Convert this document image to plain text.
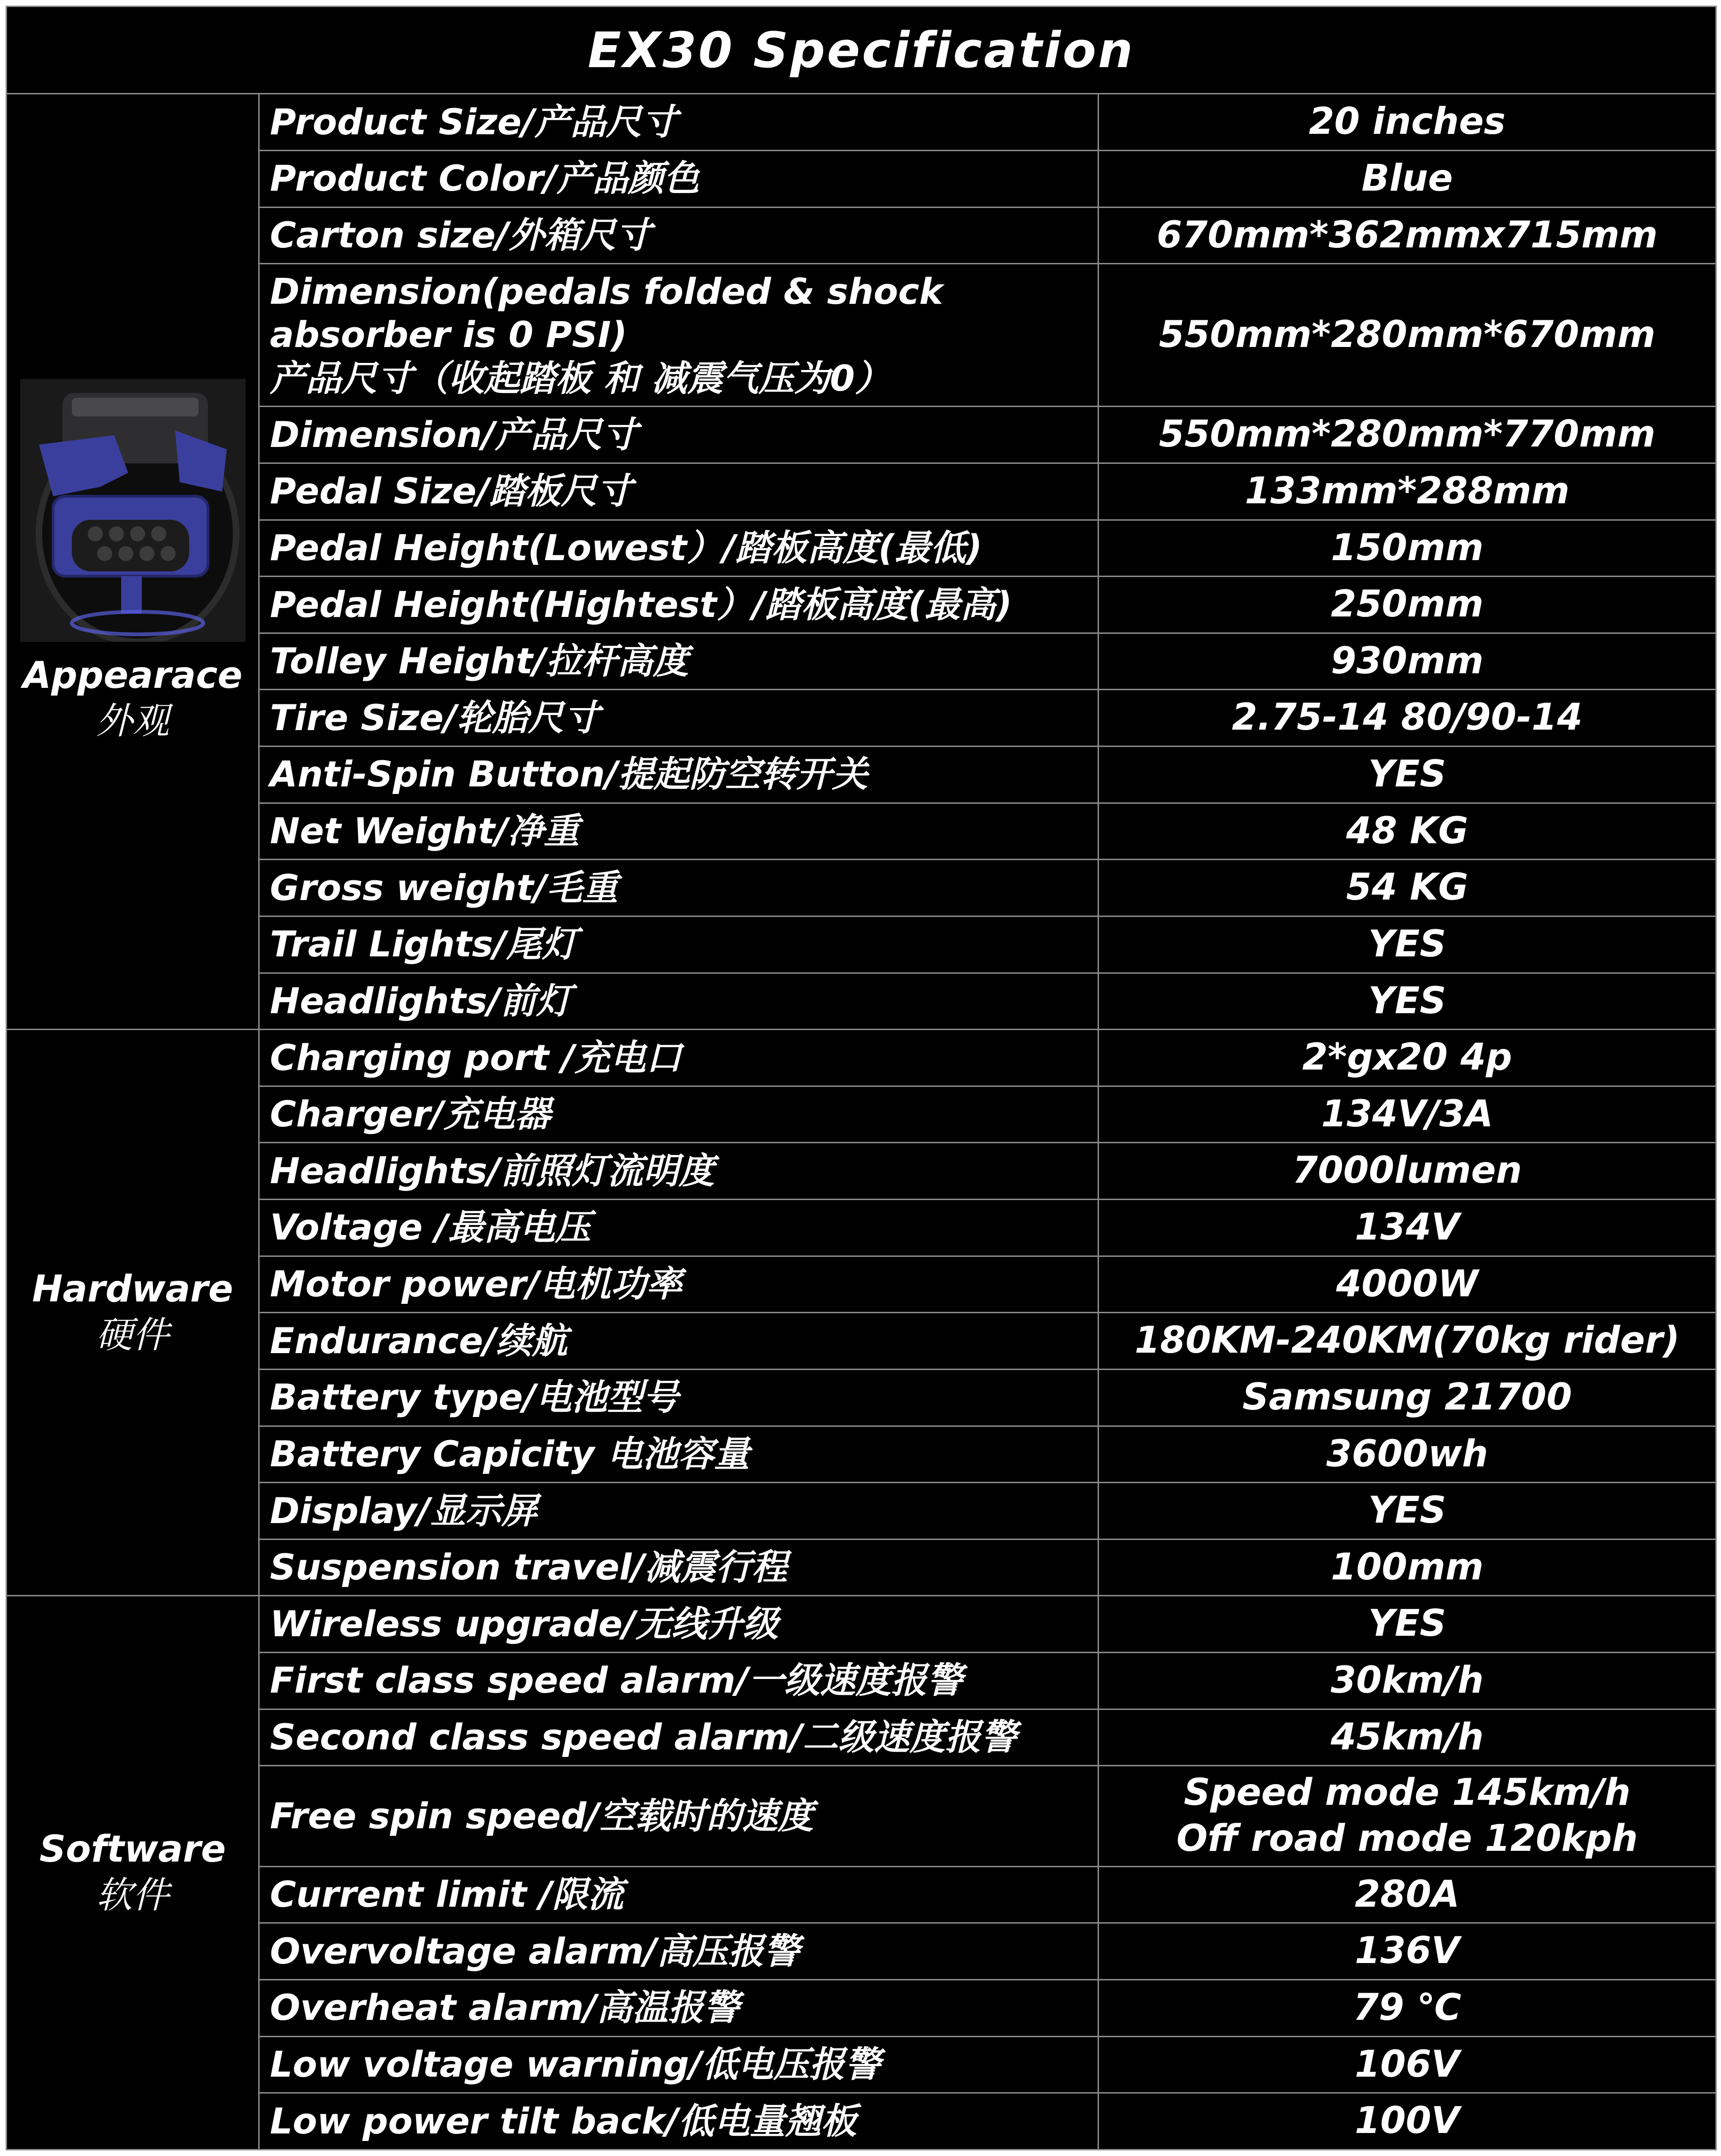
EX30 Specification		

Appearace
外观	Product Size/产品尺寸	20 inches
	Product Color/产品颜色	Blue
	Carton size/外箱尺寸	670mm*362mmx715mm
	Dimension(pedals folded & shock
absorber is 0 PSI)
产品尺寸（收起踏板 和 减震气压为0）	550mm*280mm*670mm
	Dimension/产品尺寸	550mm*280mm*770mm
	Pedal Size/踏板尺寸	133mm*288mm
	Pedal Height(Lowest）/踏板高度(最低)	150mm
	Pedal Height(Hightest）/踏板高度(最高)	250mm
	Tolley Height/拉杆高度	930mm
	Tire Size/轮胎尺寸	2.75-14 80/90-14
	Anti-Spin Button/提起防空转开关	YES
	Net Weight/净重	48 KG
	Gross weight/毛重	54 KG
	Trail Lights/尾灯	YES
	Headlights/前灯	YES

Hardware
硬件	Charging port /充电口	2*gx20 4p
	Charger/充电器	134V/3A
	Headlights/前照灯流明度	7000lumen
	Voltage /最高电压	134V
	Motor power/电机功率	4000W
	Endurance/续航	180KM-240KM(70kg rider)
	Battery type/电池型号	Samsung 21700
	Battery Capicity 电池容量	3600wh
	Display/显示屏	YES
	Suspension travel/减震行程	100mm

Software
软件	Wireless upgrade/无线升级	YES
	First class speed alarm/一级速度报警	30km/h
	Second class speed alarm/二级速度报警	45km/h
	Free spin speed/空载时的速度	Speed mode 145km/h
Off road mode 120kph
	Current limit /限流	280A
	Overvoltage alarm/高压报警	136V
	Overheat alarm/高温报警	79 ℃
	Low voltage warning/低电压报警	106V
	Low power tilt back/低电量翘板	100V
